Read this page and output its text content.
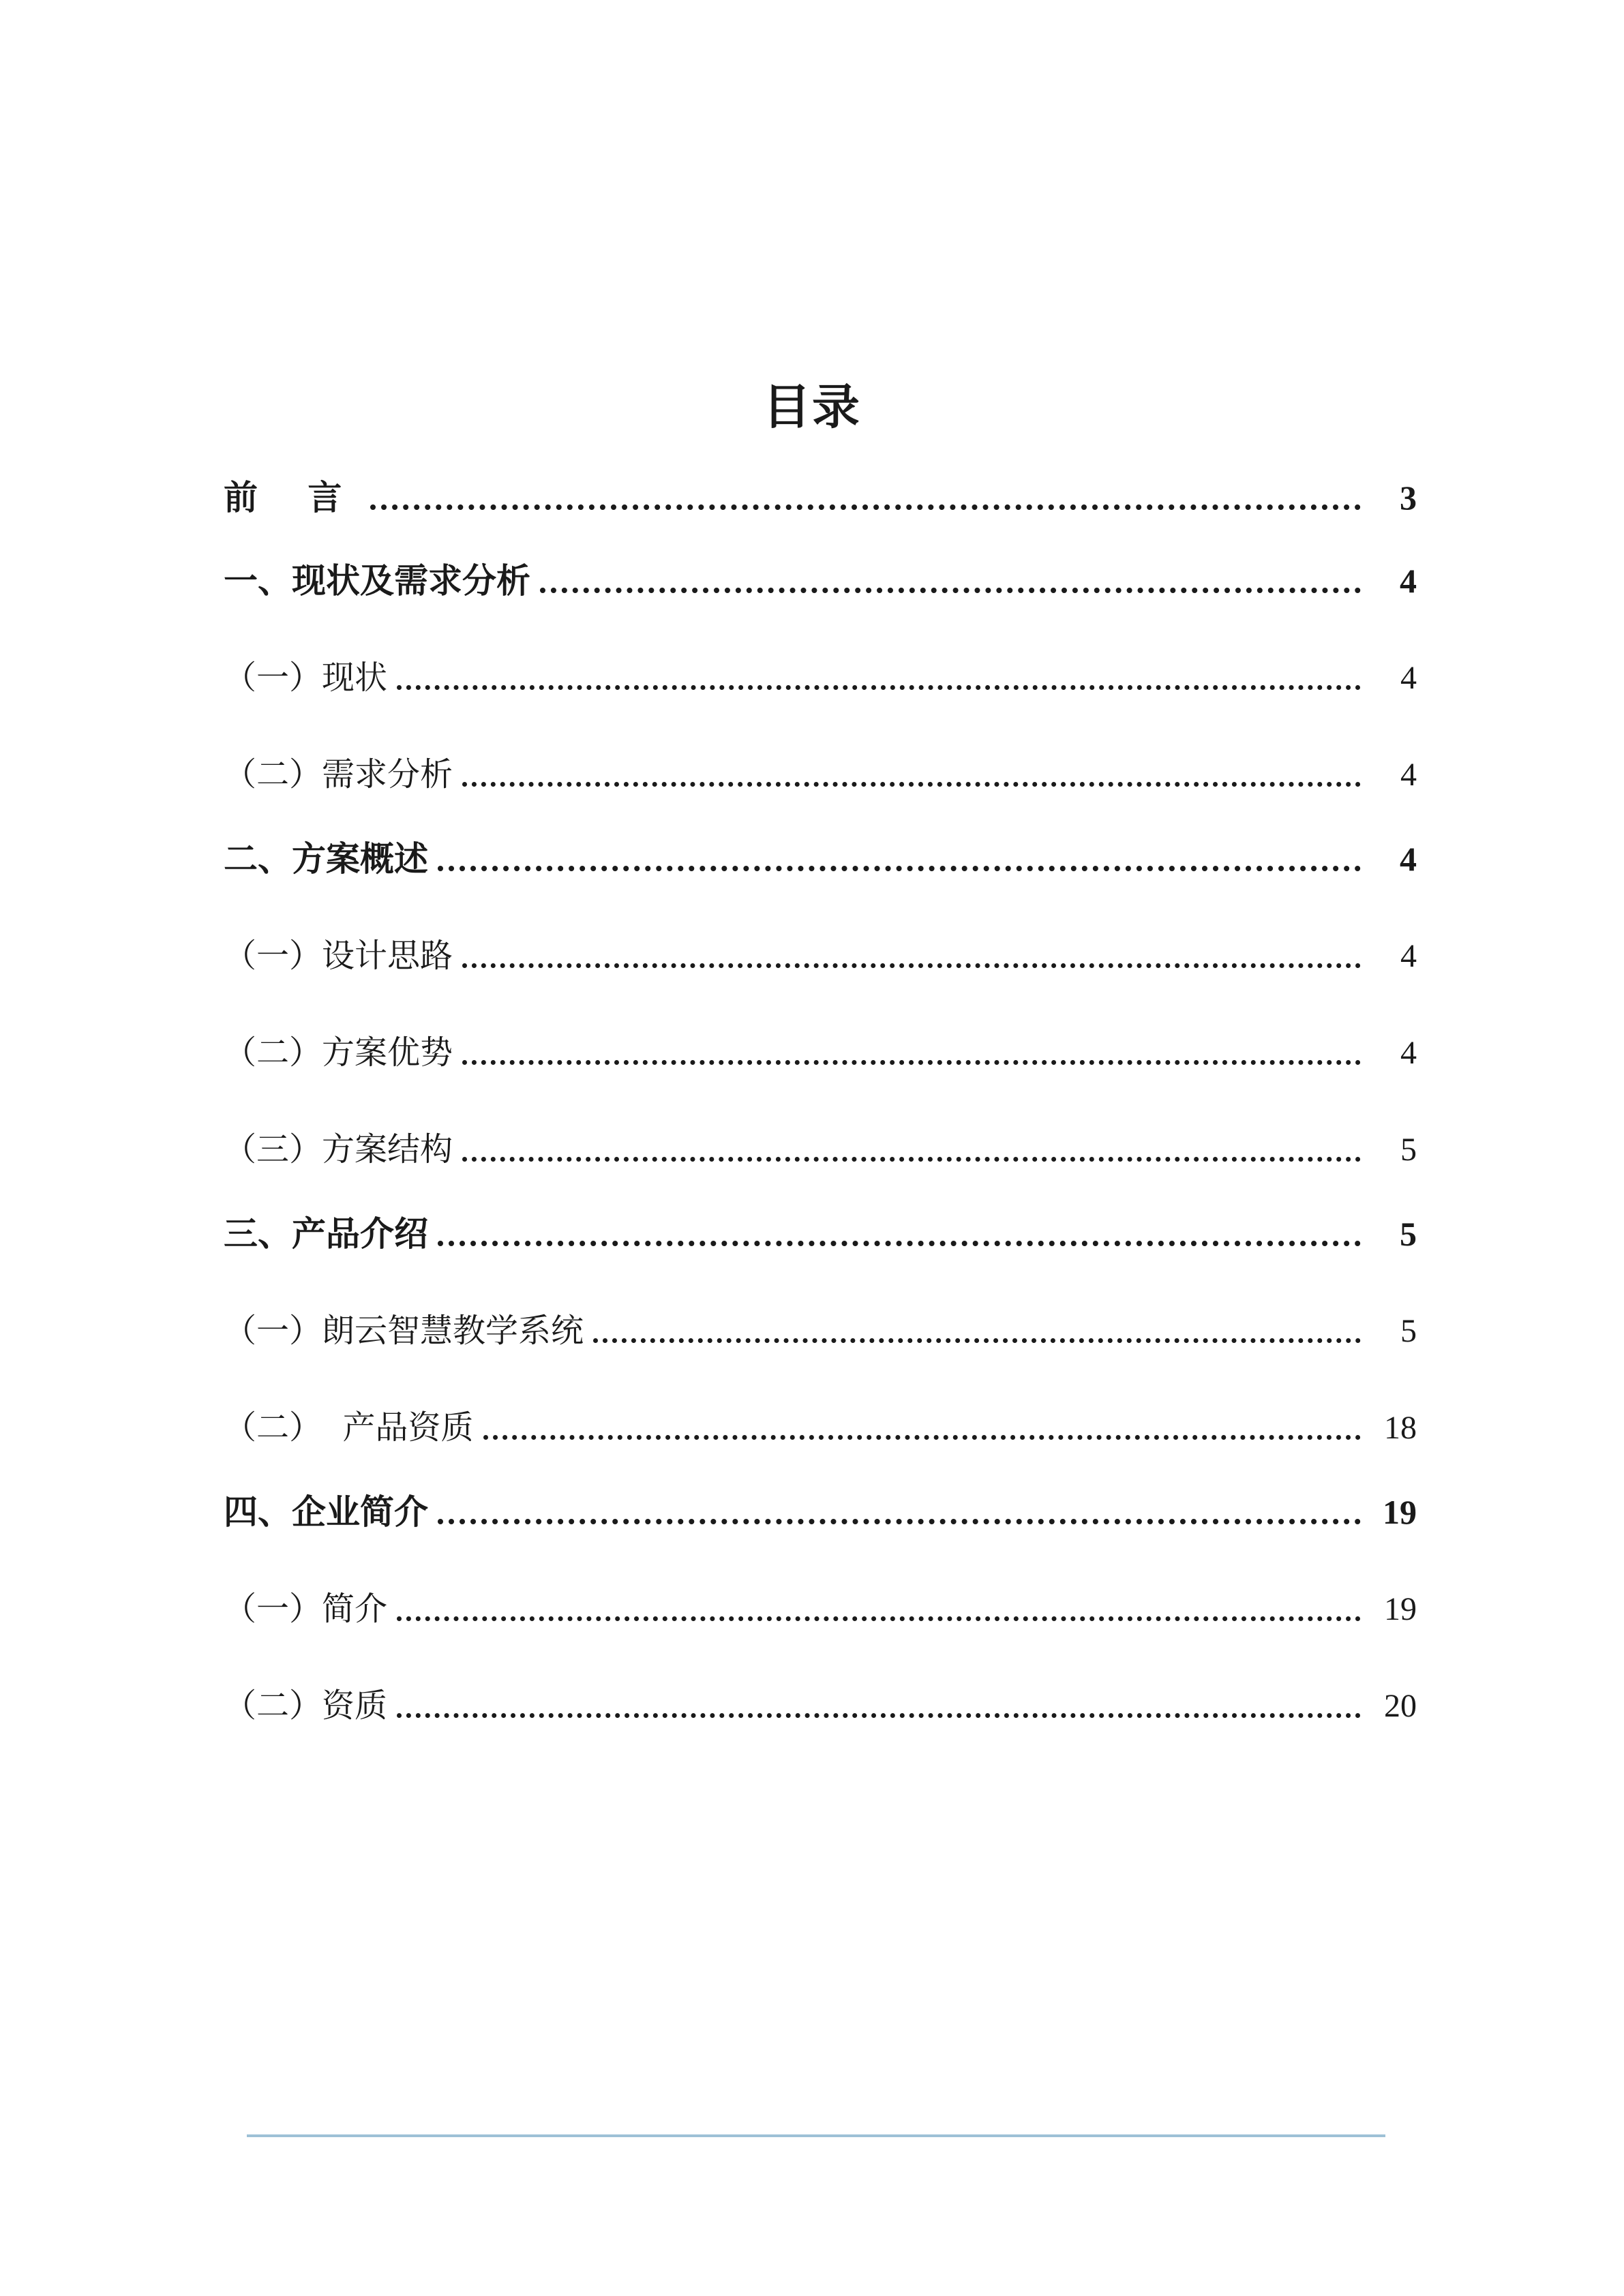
目录
前 言	3
一、现状及需求分析	4
（一）现状	4
（二）需求分析	4
二、方案概述	4
（一）设计思路	4
（二）方案优势	4
（三）方案结构	5
三、产品介绍	5
（一）朗云智慧教学系统	5
（二）  产品资质	18
四、企业简介	19
（一）简介	19
（二）资质	20
